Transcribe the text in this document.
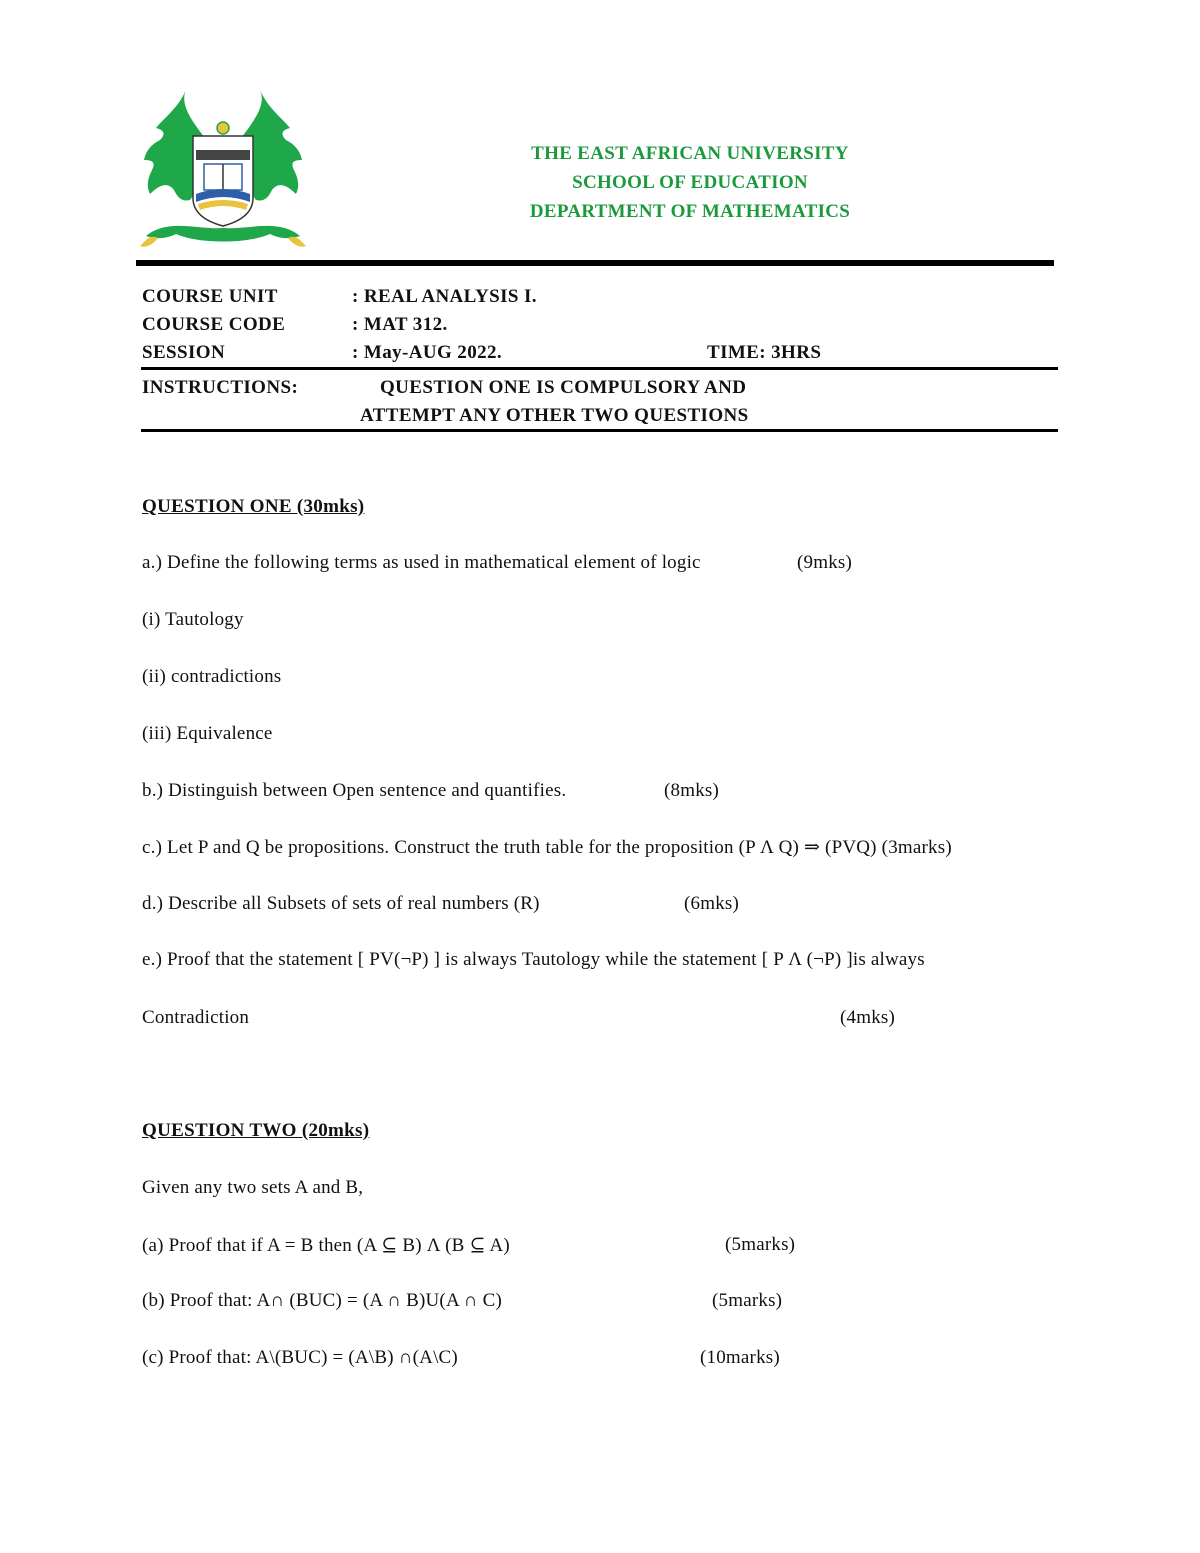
THE EAST AFRICAN UNIVERSITY
SCHOOL OF EDUCATION
DEPARTMENT OF MATHEMATICS
COURSE UNIT	: REAL ANALYSIS I.
COURSE CODE	: MAT 312.
SESSION	: May-AUG 2022.	TIME: 3HRS
INSTRUCTIONS:	QUESTION ONE IS COMPULSORY AND
ATTEMPT ANY OTHER TWO QUESTIONS
QUESTION ONE (30mks)
a.) Define the following terms as used in mathematical element of logic	(9mks)
(i) Tautology
(ii) contradictions
(iii) Equivalence
b.) Distinguish between Open sentence and quantifies.	(8mks)
c.) Let P and Q be propositions. Construct the truth table for the proposition (P Λ Q) ⇒ (PVQ) (3marks)
d.) Describe all Subsets of sets of real numbers (R)	(6mks)
e.) Proof that the statement [ PV(¬P) ] is always Tautology while the statement [ P Λ (¬P) ]is always
Contradiction	(4mks)
QUESTION TWO (20mks)
Given any two sets A and B,
(a) Proof that if A = B then (A ⊆ B) Λ (B ⊆ A)	(5marks)
(b) Proof that: A∩ (BUC) = (A ∩ B)U(A ∩ C)	(5marks)
(c) Proof that: A\(BUC) = (A\B) ∩(A\C)	(10marks)
